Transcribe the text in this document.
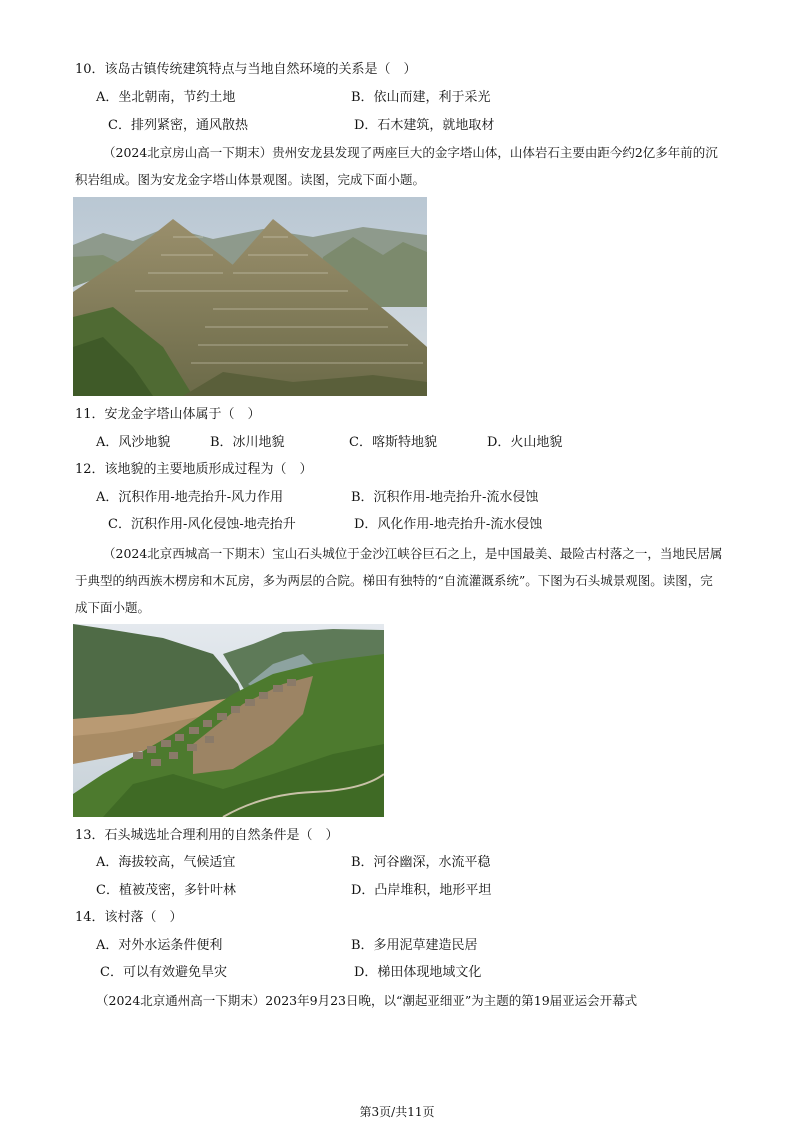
10．该岛古镇传统建筑特点与当地自然环境的关系是（　）
A．坐北朝南，节约土地	B．依山而建，利于采光
C．排列紧密，通风散热	D．石木建筑，就地取材
（2024北京房山高一下期末）贵州安龙县发现了两座巨大的金字塔山体，山体岩石主要由距今约2亿多年前的沉积岩组成。图为安龙金字塔山体景观图。读图，完成下面小题。
11．安龙金字塔山体属于（　）
A．风沙地貌	B．冰川地貌	C．喀斯特地貌	D．火山地貌
12．该地貌的主要地质形成过程为（　）
A．沉积作用-地壳抬升-风力作用	B．沉积作用-地壳抬升-流水侵蚀
C．沉积作用-风化侵蚀-地壳抬升	D．风化作用-地壳抬升-流水侵蚀
（2024北京西城高一下期末）宝山石头城位于金沙江峡谷巨石之上，是中国最美、最险古村落之一，当地民居属于典型的纳西族木楞房和木瓦房，多为两层的合院。梯田有独特的“自流灌溉系统”。下图为石头城景观图。读图，完成下面小题。
13．石头城选址合理利用的自然条件是（　）
A．海拔较高，气候适宜	B．河谷幽深，水流平稳
C．植被茂密，多针叶林	D．凸岸堆积，地形平坦
14．该村落（　）
A．对外水运条件便利	B．多用泥草建造民居
C．可以有效避免旱灾	D．梯田体现地域文化
（2024北京通州高一下期末）2023年9月23日晚，以“潮起亚细亚”为主题的第19届亚运会开幕式
第3页/共11页
